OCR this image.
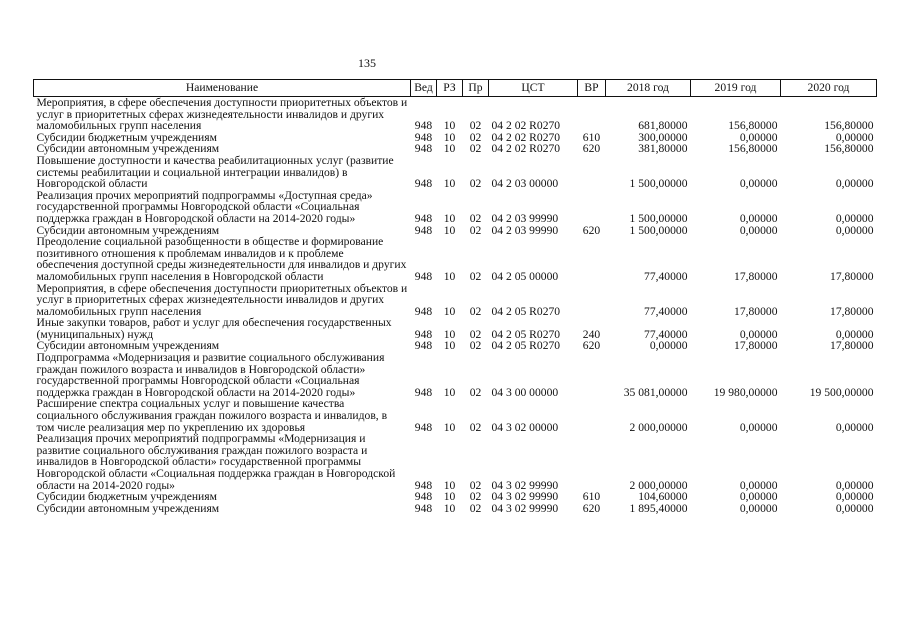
135
Наименование	Вед	РЗ	Пр	ЦСТ	ВР	2018 год	2019 год	2020 год
Мероприятия, в сфере обеспечения доступности приоритетных объектов и услуг в приоритетных сферах жизнедеятельности инвалидов и других маломобильных групп населения	948	10	02	04 2 02 R0270		681,80000	156,80000	156,80000
Субсидии бюджетным учреждениям	948	10	02	04 2 02 R0270	610	300,00000	0,00000	0,00000
Субсидии автономным учреждениям	948	10	02	04 2 02 R0270	620	381,80000	156,80000	156,80000
Повышение доступности и качества реабилитационных услуг (развитие системы реабилитации и социальной интеграции инвалидов) в Новгородской области	948	10	02	04 2 03 00000		1 500,00000	0,00000	0,00000
Реализация прочих мероприятий подпрограммы «Доступная среда» государственной программы Новгородской области «Социальная поддержка граждан в Новгородской области на 2014-2020 годы»	948	10	02	04 2 03 99990		1 500,00000	0,00000	0,00000
Субсидии автономным учреждениям	948	10	02	04 2 03 99990	620	1 500,00000	0,00000	0,00000
Преодоление социальной разобщенности в обществе и формирование позитивного отношения к проблемам инвалидов и к проблеме обеспечения доступной среды жизнедеятельности для инвалидов и других маломобильных групп населения в Новгородской области	948	10	02	04 2 05 00000		77,40000	17,80000	17,80000
Мероприятия, в сфере обеспечения доступности приоритетных объектов и услуг в приоритетных сферах жизнедеятельности инвалидов и других маломобильных групп населения	948	10	02	04 2 05 R0270		77,40000	17,80000	17,80000
Иные закупки товаров, работ и услуг для обеспечения государственных (муниципальных) нужд	948	10	02	04 2 05 R0270	240	77,40000	0,00000	0,00000
Субсидии автономным учреждениям	948	10	02	04 2 05 R0270	620	0,00000	17,80000	17,80000
Подпрограмма «Модернизация и развитие социального обслуживания граждан пожилого возраста и инвалидов в Новгородской области» государственной программы Новгородской области «Социальная поддержка граждан в Новгородской области на 2014-2020 годы»	948	10	02	04 3 00 00000		35 081,00000	19 980,00000	19 500,00000
Расширение спектра социальных услуг и повышение качества социального обслуживания граждан пожилого возраста и инвалидов, в том числе реализация мер по укреплению их здоровья	948	10	02	04 3 02 00000		2 000,00000	0,00000	0,00000
Реализация прочих мероприятий подпрограммы «Модернизация и развитие социального обслуживания граждан пожилого возраста и инвалидов в Новгородской области» государственной программы Новгородской области «Социальная поддержка граждан в Новгородской области на 2014-2020 годы»	948	10	02	04 3 02 99990		2 000,00000	0,00000	0,00000
Субсидии бюджетным учреждениям	948	10	02	04 3 02 99990	610	104,60000	0,00000	0,00000
Субсидии автономным учреждениям	948	10	02	04 3 02 99990	620	1 895,40000	0,00000	0,00000
